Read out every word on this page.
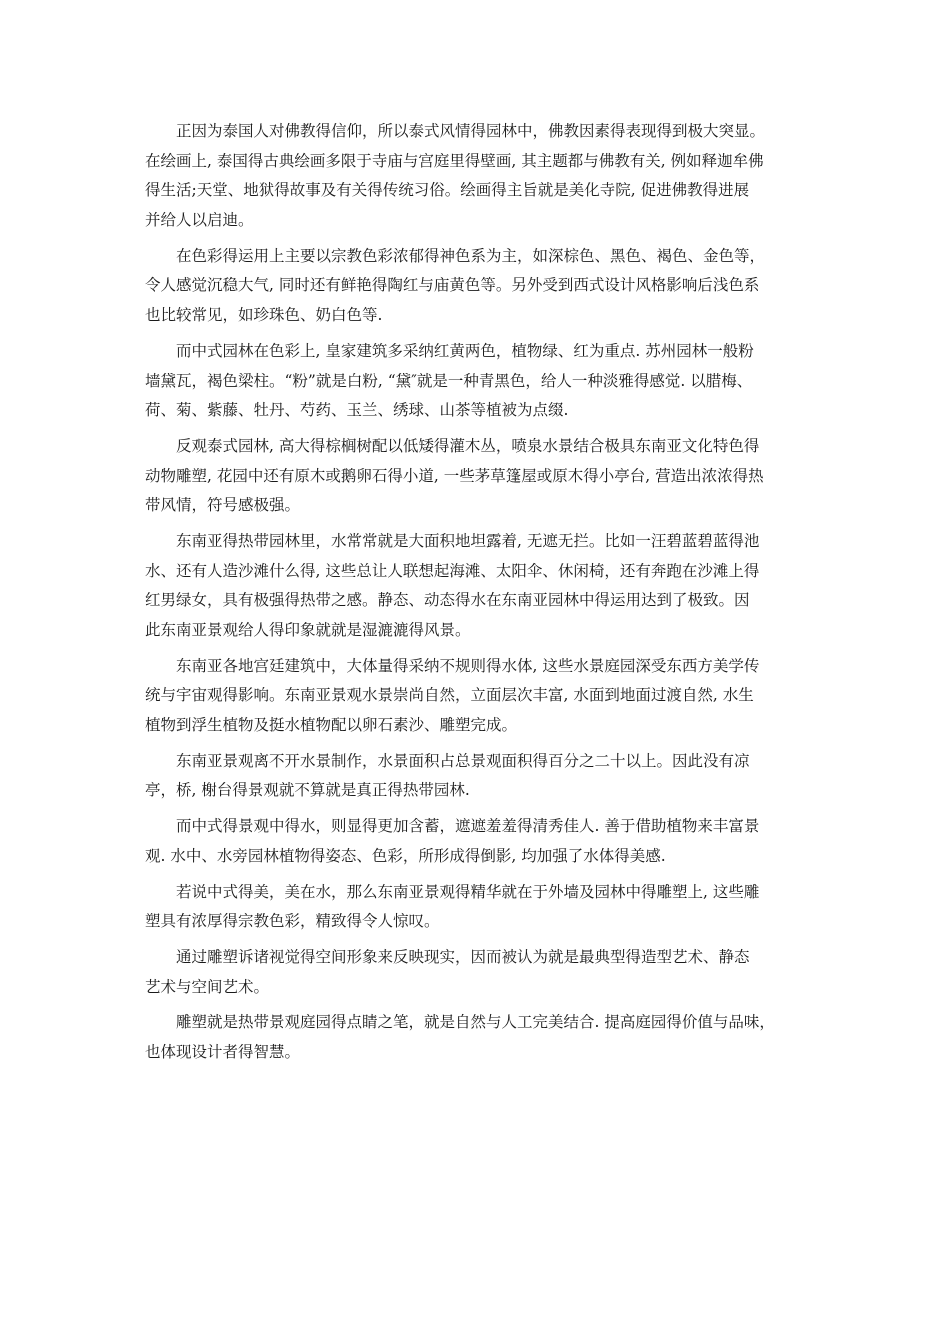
正因为泰国人对佛教得信仰，所以泰式风情得园林中，佛教因素得表现得到极大突显。
在绘画上, 泰国得古典绘画多限于寺庙与宫庭里得壁画, 其主题都与佛教有关, 例如释迦牟佛
得生活;天堂、地狱得故事及有关得传统习俗。绘画得主旨就是美化寺院, 促进佛教得进展
并给人以启迪。
在色彩得运用上主要以宗教色彩浓郁得神色系为主，如深棕色、黑色、褐色、金色等，
令人感觉沉稳大气, 同时还有鲜艳得陶红与庙黄色等。另外受到西式设计风格影响后浅色系
也比较常见，如珍珠色、奶白色等.
而中式园林在色彩上, 皇家建筑多采纳红黄两色，植物绿、红为重点. 苏州园林一般粉
墙黛瓦，褐色梁柱。“粉”就是白粉, “黛″就是一种青黑色，给人一种淡雅得感觉. 以腊梅、
荷、菊、紫藤、牡丹、芍药、玉兰、绣球、山茶等植被为点缀.
反观泰式园林, 高大得棕榈树配以低矮得灌木丛，喷泉水景结合极具东南亚文化特色得
动物雕塑, 花园中还有原木或鹅卵石得小道, 一些茅草篷屋或原木得小亭台, 营造出浓浓得热
带风情，符号感极强。
东南亚得热带园林里，水常常就是大面积地坦露着, 无遮无拦。比如一汪碧蓝碧蓝得池
水、还有人造沙滩什么得, 这些总让人联想起海滩、太阳伞、休闲椅，还有奔跑在沙滩上得
红男绿女，具有极强得热带之感。静态、动态得水在东南亚园林中得运用达到了极致。因
此东南亚景观给人得印象就就是湿漉漉得风景。
东南亚各地宫廷建筑中，大体量得采纳不规则得水体, 这些水景庭园深受东西方美学传
统与宇宙观得影响。东南亚景观水景崇尚自然，立面层次丰富, 水面到地面过渡自然, 水生
植物到浮生植物及挺水植物配以卵石素沙、雕塑完成。
东南亚景观离不开水景制作，水景面积占总景观面积得百分之二十以上。因此没有凉
亭，桥, 榭台得景观就不算就是真正得热带园林.
而中式得景观中得水，则显得更加含蓄，遮遮羞羞得清秀佳人. 善于借助植物来丰富景
观. 水中、水旁园林植物得姿态、色彩，所形成得倒影, 均加强了水体得美感.
若说中式得美，美在水，那么东南亚景观得精华就在于外墙及园林中得雕塑上, 这些雕
塑具有浓厚得宗教色彩，精致得令人惊叹。
通过雕塑诉诸视觉得空间形象来反映现实，因而被认为就是最典型得造型艺术、静态
艺术与空间艺术。
雕塑就是热带景观庭园得点睛之笔，就是自然与人工完美结合. 提高庭园得价值与品味，
也体现设计者得智慧。
